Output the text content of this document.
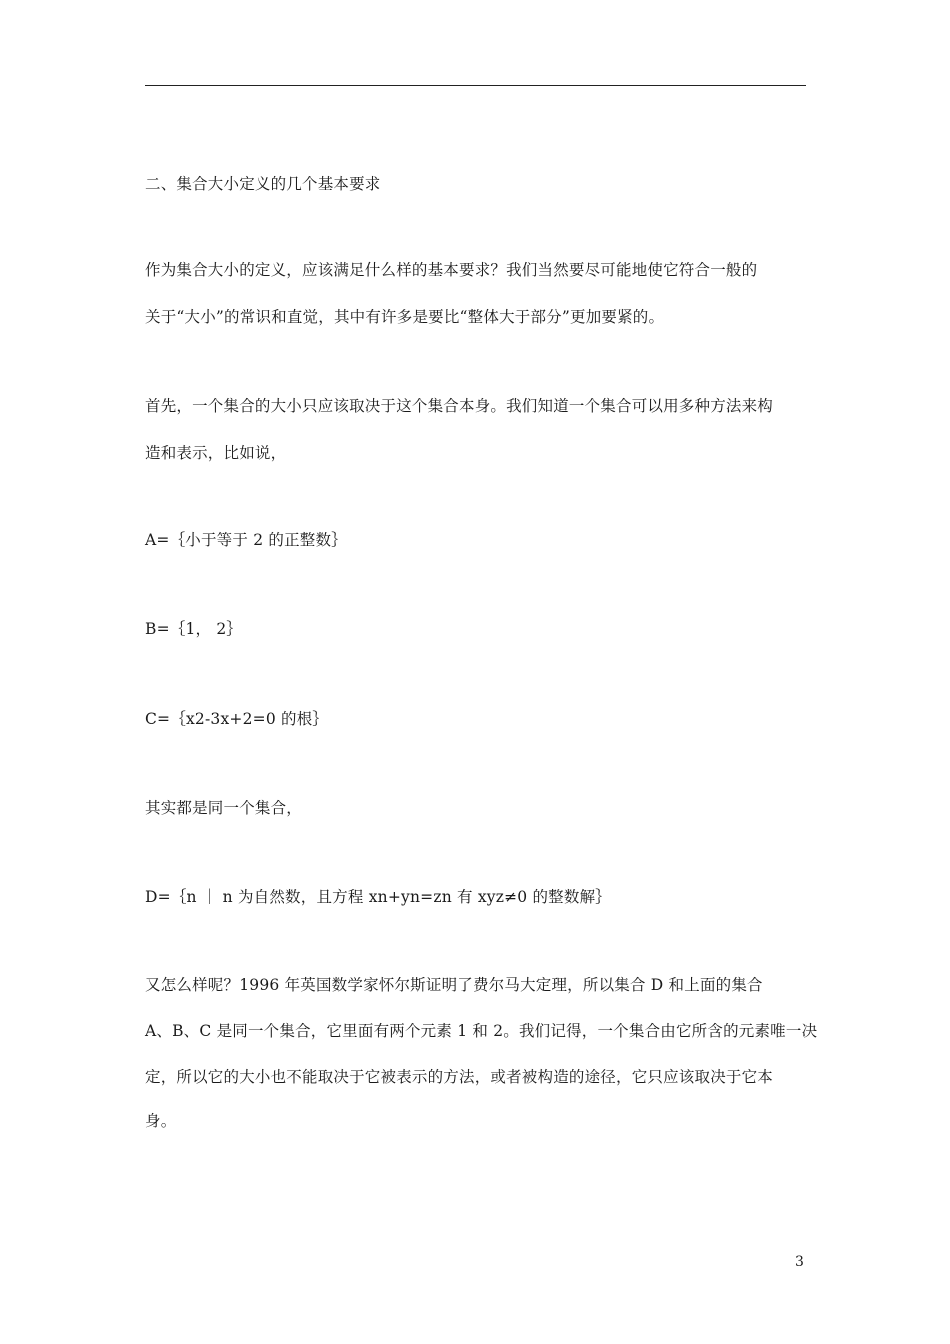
二、集合大小定义的几个基本要求
作为集合大小的定义，应该满足什么样的基本要求？我们当然要尽可能地使它符合一般的
关于“大小”的常识和直觉，其中有许多是要比“整体大于部分”更加要紧的。
首先，一个集合的大小只应该取决于这个集合本身。我们知道一个集合可以用多种方法来构
造和表示，比如说，
A=｛小于等于 2 的正整数｝
B=｛1， 2｝
C=｛x2-3x+2=0 的根｝
其实都是同一个集合，
D=｛n ｜ n 为自然数，且方程 xn+yn=zn 有 xyz≠0 的整数解｝
又怎么样呢？1996 年英国数学家怀尔斯证明了费尔马大定理，所以集合 D 和上面的集合
A、B、C 是同一个集合，它里面有两个元素 1 和 2。我们记得，一个集合由它所含的元素唯一决
定，所以它的大小也不能取决于它被表示的方法，或者被构造的途径，它只应该取决于它本
身。
3
